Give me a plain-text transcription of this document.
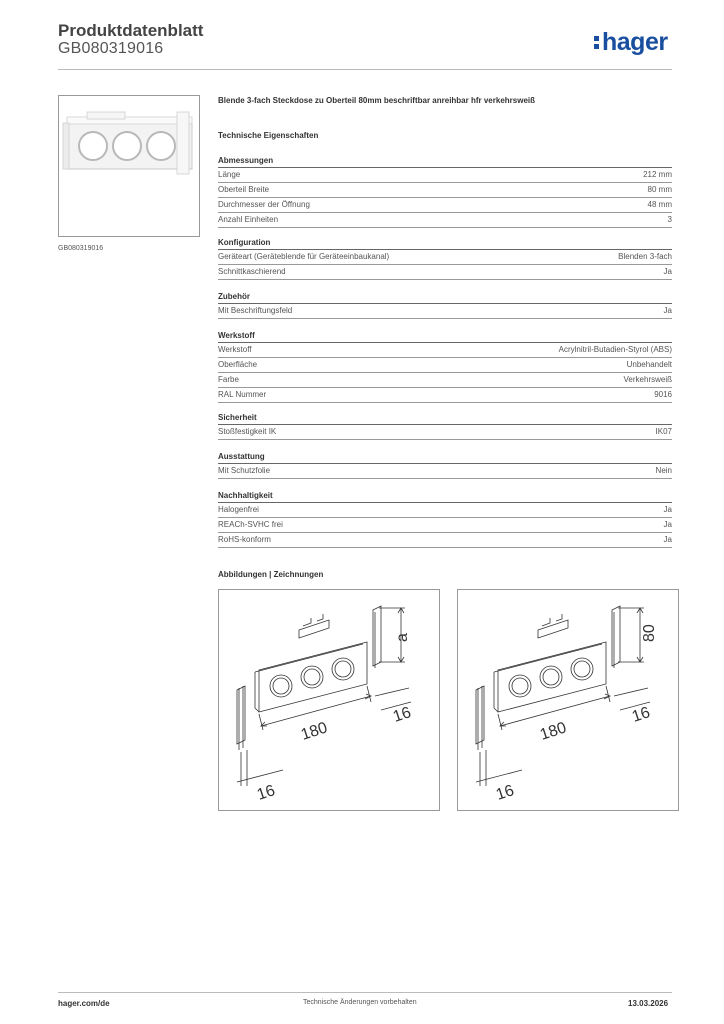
Produktdatenblatt
GB080319016	hager
GB080319016
Blende 3-fach Steckdose zu Oberteil 80mm beschriftbar anreihbar hfr verkehrsweiß
Technische Eigenschaften
Abmessungen
Länge	212 mm
Oberteil Breite	80 mm
Durchmesser der Öffnung	48 mm
Anzahl Einheiten	3
Konfiguration
Geräteart (Geräteblende für Geräteeinbaukanal)	Blenden 3-fach
Schnittkaschierend	Ja
Zubehör
Mit Beschriftungsfeld	Ja
Werkstoff
Werkstoff	Acrylnitril-Butadien-Styrol (ABS)
Oberfläche	Unbehandelt
Farbe	Verkehrsweiß
RAL Nummer	9016
Sicherheit
Stoßfestigkeit IK	IK07
Ausstattung
Mit Schutzfolie	Nein
Nachhaltigkeit
Halogenfrei	Ja
REACh-SVHC frei	Ja
RoHS-konform	Ja
Abbildungen | Zeichnungen
a
180
16
16
80
180
16
16
hager.com/de	Technische Änderungen vorbehalten	13.03.2026
